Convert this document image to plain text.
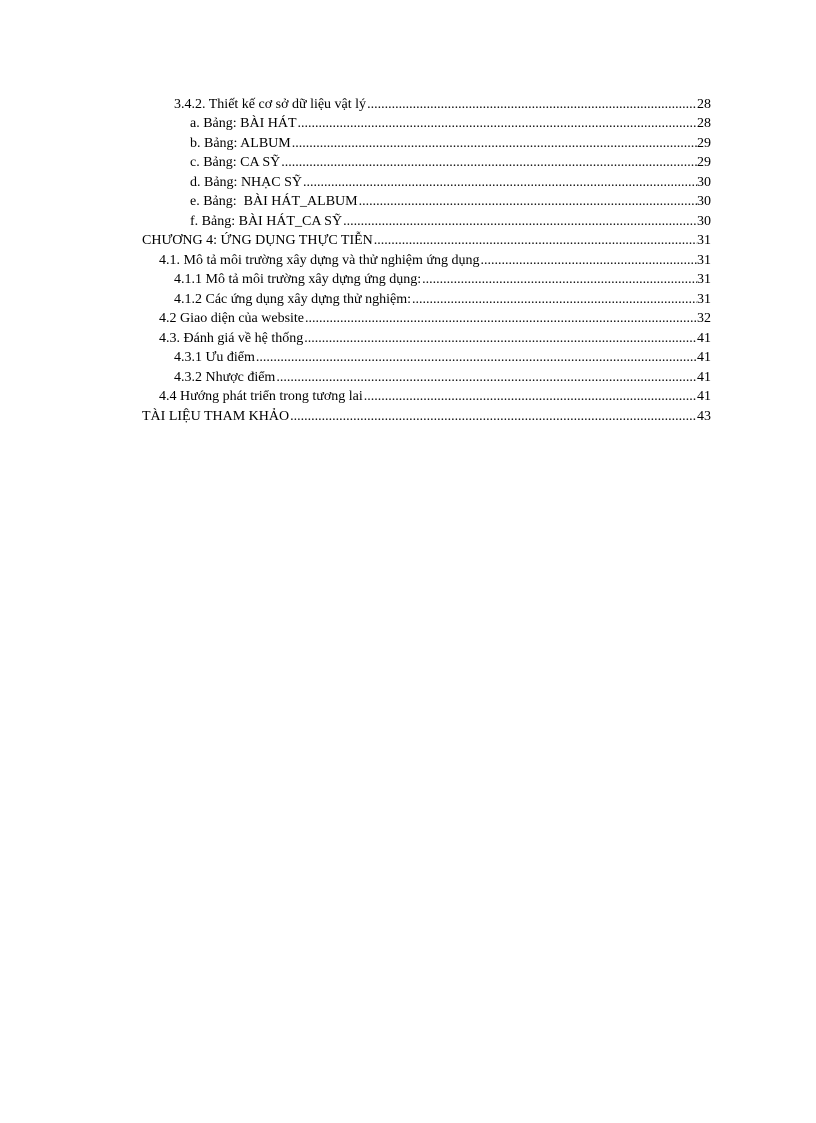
3.4.2. Thiết kế cơ sở dữ liệu vật lý .....	28
a. Bảng: BÀI HÁT .....	28
b. Bảng: ALBUM .....	29
c. Bảng: CA SỸ .....	29
d. Bảng: NHẠC SỸ .....	30
e. Bảng:  BÀI HÁT_ALBUM .....	30
f. Bảng: BÀI HÁT_CA SỸ .....	30
CHƯƠNG 4: ỨNG DỤNG THỰC TIỄN .....	31
4.1. Mô tả môi trường xây dựng và thử nghiệm ứng dụng .....	31
4.1.1 Mô tả môi trường xây dựng ứng dụng: .....	31
4.1.2 Các ứng dụng xây dựng thử nghiệm: .....	31
4.2 Giao diện của website .....	32
4.3. Đánh giá về hệ thống .....	41
4.3.1 Ưu điểm .....	41
4.3.2 Nhược điểm .....	41
4.4 Hướng phát triển trong tương lai .....	41
TÀI LIỆU THAM KHẢO .....	43
